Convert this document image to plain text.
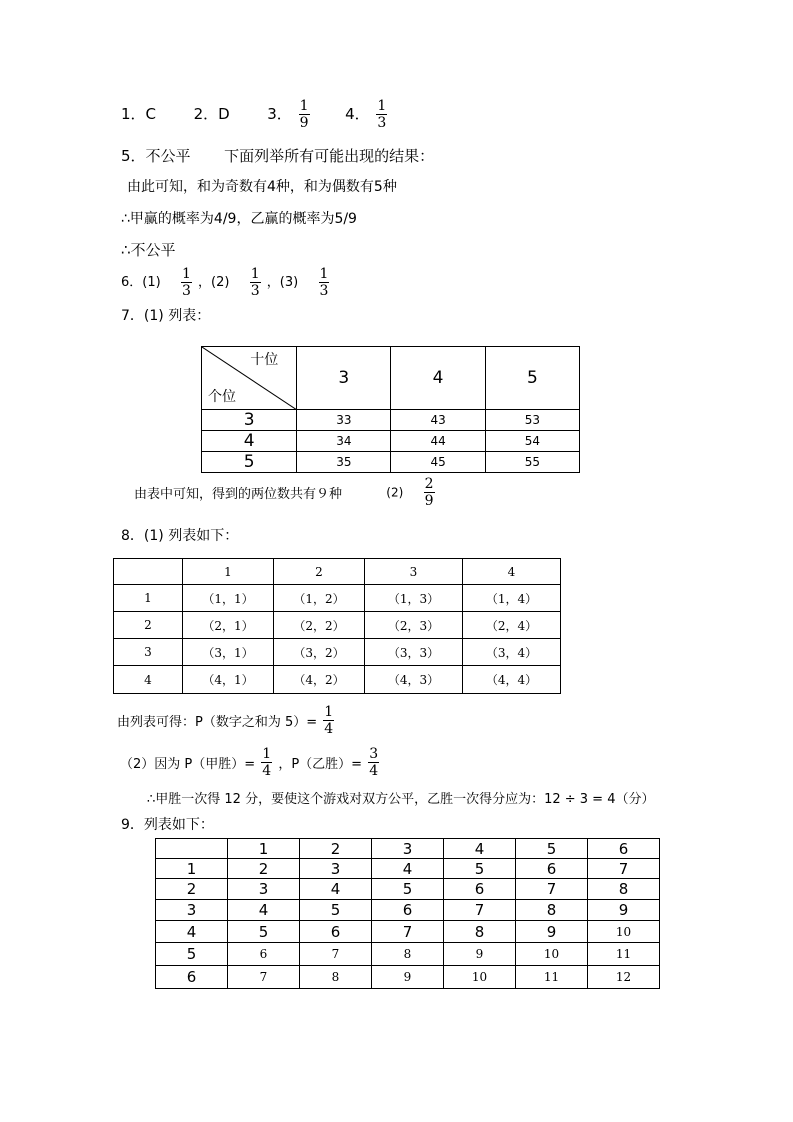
1．C	2．D	3． $\frac{1}{9} 4$． $\frac{1}{3}$
5．不公平 下面列举所有可能出现的结果：
由此可知，和为奇数有4种，和为偶数有5种
∴甲赢的概率为4/9，乙赢的概率为5/9
∴不公平
6．$(1) \frac{1}{3}$ ，$(2) \frac{1}{3}$ ，$(3) \frac{1}{3}$
7．(1) 列表：
十位
个位	3	4	5
3	33	43	53
4	34	44	54
5	35	45	55
由表中可知，得到的两位数共有９种	$(2) \frac{2}{9}$
8．(1) 列表如下：
	1	2	3	4
1	（1，1）	（1，2）	（1，3）	（1，4）
2	（2，1）	（2，2）	（2，3）	（2，4）
3	（3，1）	（3，2）	（3，3）	（3，4）
4	（4，1）	（4，2）	（4，3）	（4，4）
由列表可得：P（数字之和为 $5)= \frac{1}{4}$
（2）因为 P（甲胜）= $\frac{1}{4}$ ，P（乙胜）= $\frac{3}{4}$
∴甲胜一次得 12 分，要使这个游戏对双方公平，乙胜一次得分应为：12 ÷ 3 = 4（分）
9．列表如下：
	1	2	3	4	5	6
1	2	3	4	5	6	7
2	3	4	5	6	7	8
3	4	5	6	7	8	9
4	5	6	7	8	9	10
5	6	7	8	9	10	11
6	7	8	9	10	11	12
